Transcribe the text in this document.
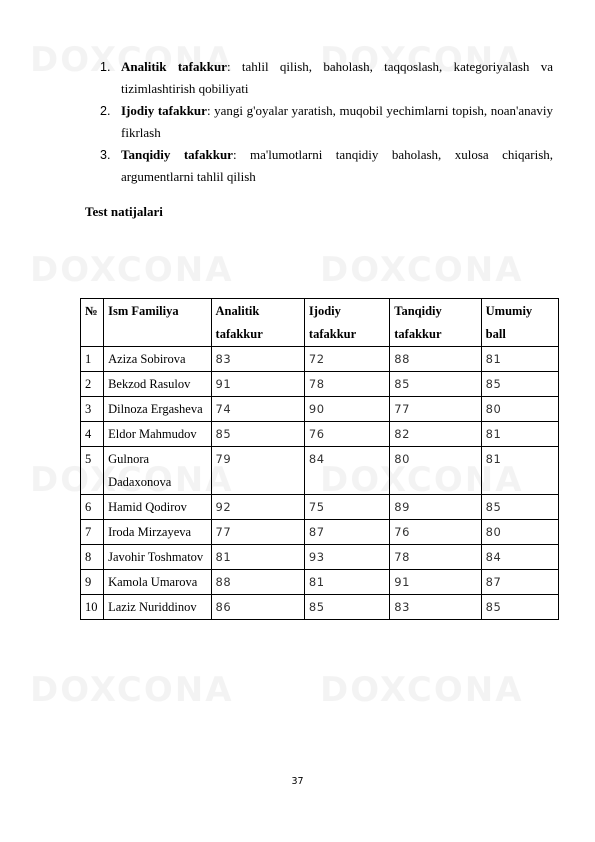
1. Analitik tafakkur: tahlil qilish, baholash, taqqoslash, kategoriyalash va tizimlashtirish qobiliyati
2. Ijodiy tafakkur: yangi g'oyalar yaratish, muqobil yechimlarni topish, noan'anaviy fikrlash
3. Tanqidiy tafakkur: ma'lumotlarni tanqidiy baholash, xulosa chiqarish, argumentlarni tahlil qilish
Test natijalari
№	Ism Familiya	Analitik tafakkur	Ijodiy tafakkur	Tanqidiy tafakkur	Umumiy ball
1	Aziza Sobirova	83	72	88	81
2	Bekzod Rasulov	91	78	85	85
3	Dilnoza Ergasheva	74	90	77	80
4	Eldor Mahmudov	85	76	82	81
5	Gulnora Dadaxonova	79	84	80	81
6	Hamid Qodirov	92	75	89	85
7	Iroda Mirzayeva	77	87	76	80
8	Javohir Toshmatov	81	93	78	84
9	Kamola Umarova	88	81	91	87
10	Laziz Nuriddinov	86	85	83	85
37
